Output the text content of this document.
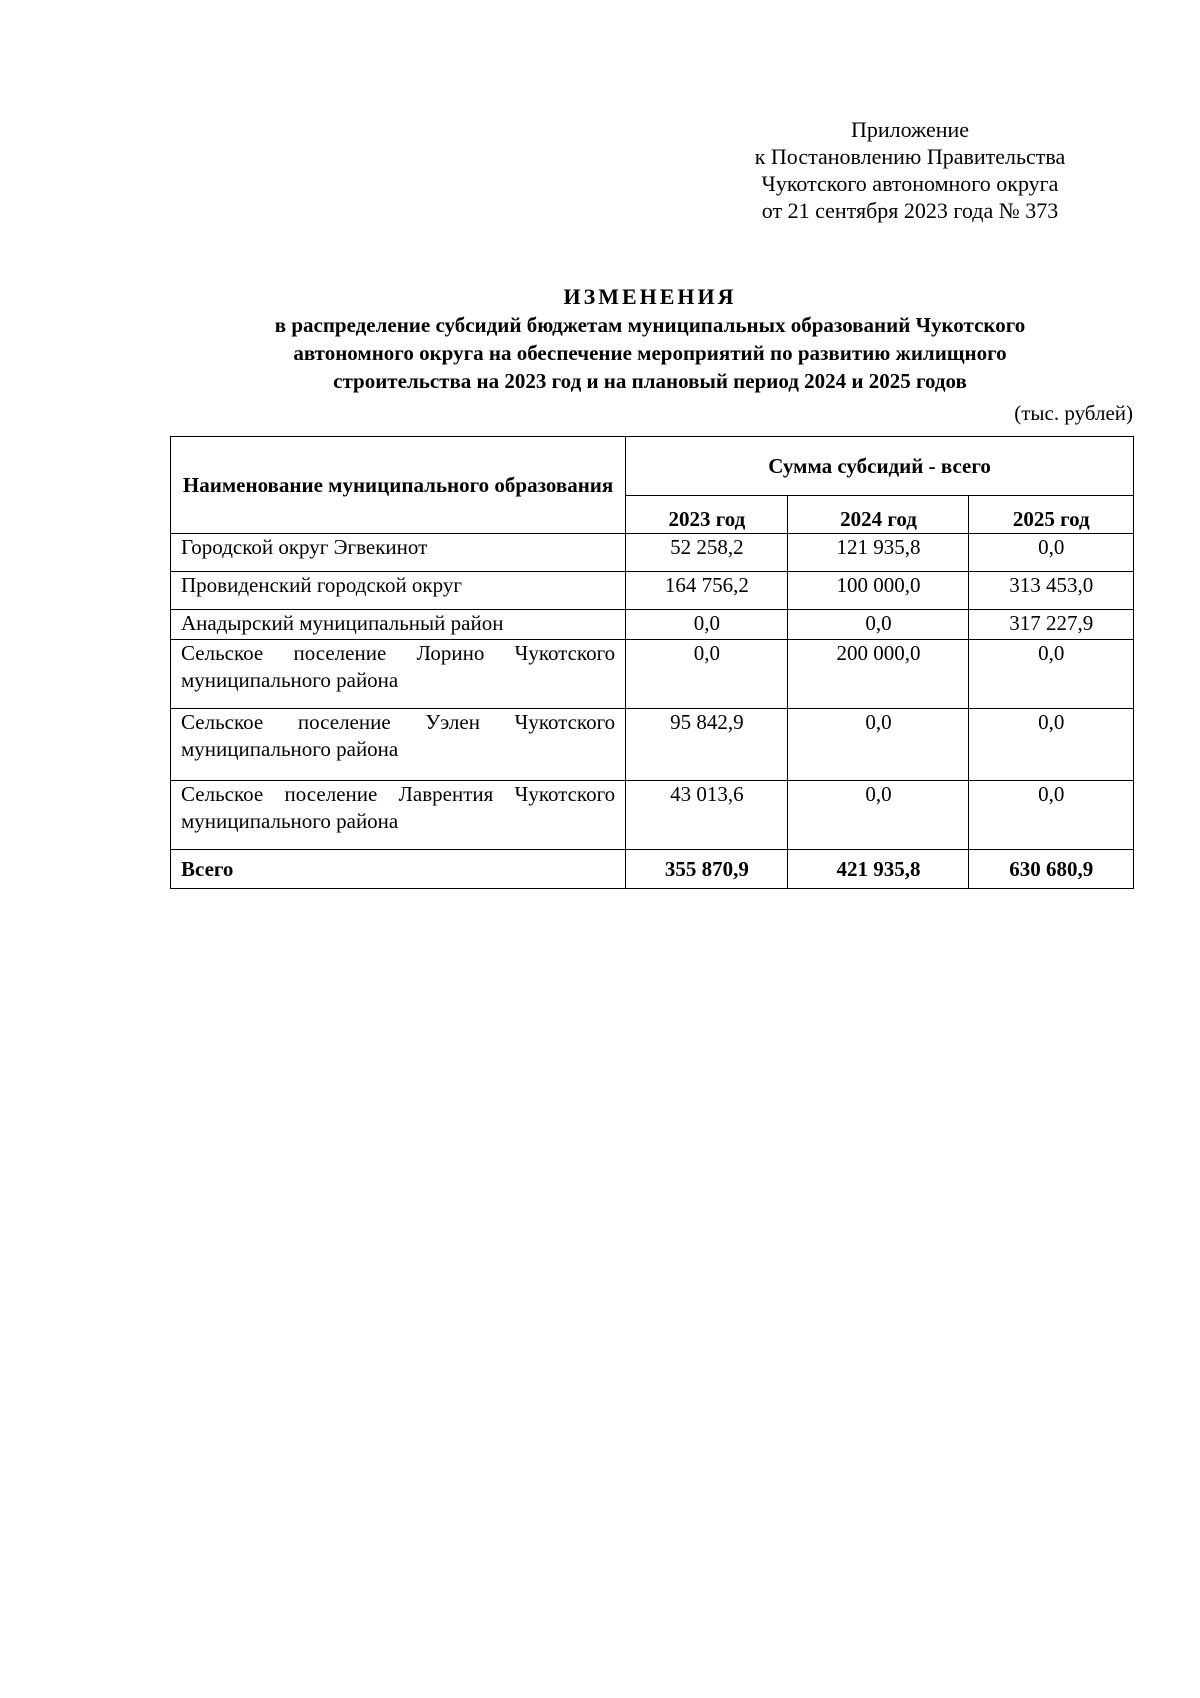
Приложение
к Постановлению Правительства
Чукотского автономного округа
от 21 сентября 2023 года № 373
ИЗМЕНЕНИЯ
в распределение субсидий бюджетам муниципальных образований Чукотского
автономного округа на обеспечение мероприятий по развитию жилищного
строительства на 2023 год и на плановый период 2024 и 2025 годов
(тыс. рублей)
Наименование муниципального образования	Сумма субсидий - всего		
	2023 год	2024 год	2025 год
Городской округ Эгвекинот	52 258,2	121 935,8	0,0
Провиденский городской округ	164 756,2	100 000,0	313 453,0
Анадырский муниципальный район	0,0	0,0	317 227,9
Сельское поселение Лорино Чукотского муниципального района	0,0	200 000,0	0,0
Сельское поселение Уэлен Чукотского муниципального района	95 842,9	0,0	0,0
Сельское поселение Лаврентия Чукотского муниципального района	43 013,6	0,0	0,0
Всего	355 870,9	421 935,8	630 680,9
